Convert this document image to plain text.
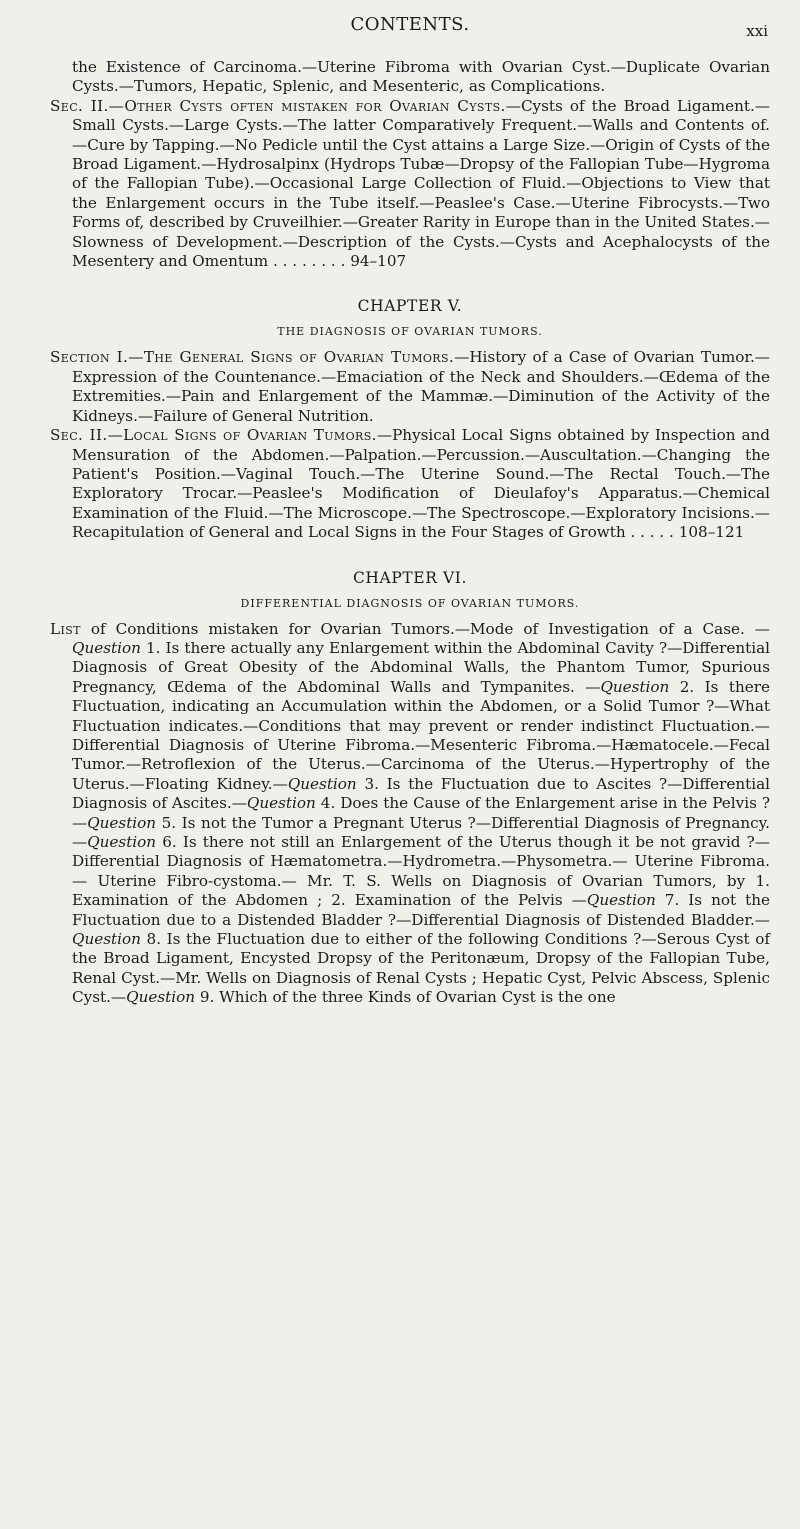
CONTENTS.	xxi

the Existence of Carcinoma.—Uterine Fibroma with Ovarian Cyst.—Duplicate Ovarian Cysts.—Tumors, Hepatic, Splenic, and Mesenteric, as Complications.

Sec. II.—Other Cysts often mistaken for Ovarian Cysts.—Cysts of the Broad Ligament.—Small Cysts.—Large Cysts.—The latter Comparatively Frequent.—Walls and Contents of.—Cure by Tapping.—No Pedicle until the Cyst attains a Large Size.—Origin of Cysts of the Broad Ligament.—Hydrosalpinx (Hydrops Tubæ—Dropsy of the Fallopian Tube—Hygroma of the Fallopian Tube).—Occasional Large Collection of Fluid.—Objections to View that the Enlargement occurs in the Tube itself.—Peaslee's Case.—Uterine Fibrocysts.—Two Forms of, described by Cruveilhier.—Greater Rarity in Europe than in the United States.—Slowness of Development.—Description of the Cysts.—Cysts and Acephalocysts of the Mesentery and Omentum . . . . . . . . 94–107

CHAPTER V.
THE DIAGNOSIS OF OVARIAN TUMORS.

Section I.—The General Signs of Ovarian Tumors.—History of a Case of Ovarian Tumor.—Expression of the Countenance.—Emaciation of the Neck and Shoulders.—Œdema of the Extremities.—Pain and Enlargement of the Mammæ.—Diminution of the Activity of the Kidneys.—Failure of General Nutrition.

Sec. II.—Local Signs of Ovarian Tumors.—Physical Local Signs obtained by Inspection and Mensuration of the Abdomen.—Palpation.—Percussion.—Auscultation.—Changing the Patient's Position.—Vaginal Touch.—The Uterine Sound.—The Rectal Touch.—The Exploratory Trocar.—Peaslee's Modification of Dieulafoy's Apparatus.—Chemical Examination of the Fluid.—The Microscope.—The Spectroscope.—Exploratory Incisions.—Recapitulation of General and Local Signs in the Four Stages of Growth . . . . . 108–121

CHAPTER VI.
DIFFERENTIAL DIAGNOSIS OF OVARIAN TUMORS.

List of Conditions mistaken for Ovarian Tumors.—Mode of Investigation of a Case. —Question 1. Is there actually any Enlargement within the Abdominal Cavity ?—Differential Diagnosis of Great Obesity of the Abdominal Walls, the Phantom Tumor, Spurious Pregnancy, Œdema of the Abdominal Walls and Tympanites. —Question 2. Is there Fluctuation, indicating an Accumulation within the Abdomen, or a Solid Tumor ?—What Fluctuation indicates.—Conditions that may prevent or render indistinct Fluctuation.—Differential Diagnosis of Uterine Fibroma.—Mesenteric Fibroma.—Hæmatocele.—Fecal Tumor.—Retroflexion of the Uterus.—Carcinoma of the Uterus.—Hypertrophy of the Uterus.—Floating Kidney.—Question 3. Is the Fluctuation due to Ascites ?—Differential Diagnosis of Ascites.—Question 4. Does the Cause of the Enlargement arise in the Pelvis ? —Question 5. Is not the Tumor a Pregnant Uterus ?—Differential Diagnosis of Pregnancy.—Question 6. Is there not still an Enlargement of the Uterus though it be not gravid ?—Differential Diagnosis of Hæmatometra.—Hydrometra.—Physometra.— Uterine Fibroma.— Uterine Fibro-cystoma.— Mr. T. S. Wells on Diagnosis of Ovarian Tumors, by 1. Examination of the Abdomen ; 2. Examination of the Pelvis —Question 7. Is not the Fluctuation due to a Distended Bladder ?—Differential Diagnosis of Distended Bladder.—Question 8. Is the Fluctuation due to either of the following Conditions ?—Serous Cyst of the Broad Ligament, Encysted Dropsy of the Peritonæum, Dropsy of the Fallopian Tube, Renal Cyst.—Mr. Wells on Diagnosis of Renal Cysts ; Hepatic Cyst, Pelvic Abscess, Splenic Cyst.—Question 9. Which of the three Kinds of Ovarian Cyst is the one
